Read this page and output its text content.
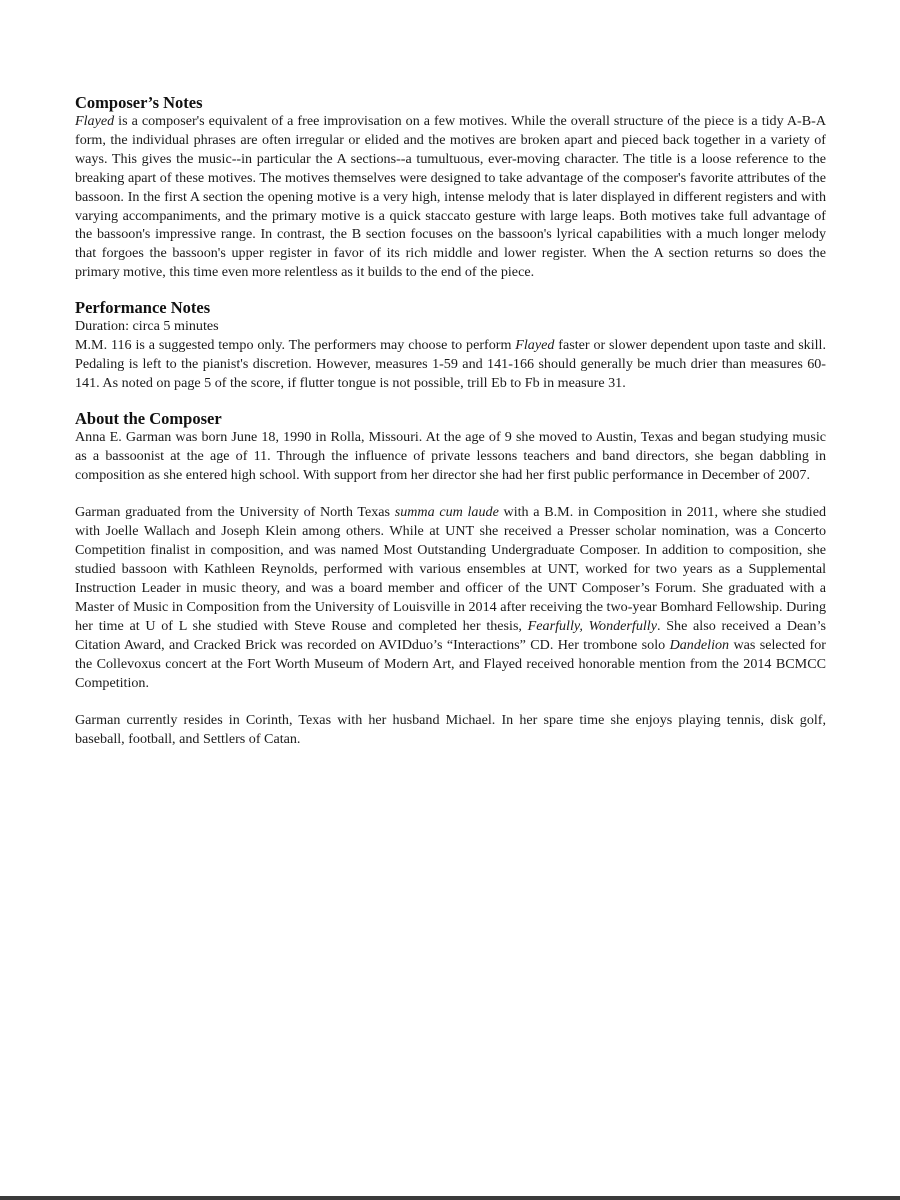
Composer’s Notes

Flayed is a composer's equivalent of a free improvisation on a few motives. While the overall structure of the piece is a tidy A-B-A form, the individual phrases are often irregular or elided and the motives are broken apart and pieced back together in a variety of ways. This gives the music--in particular the A sections--a tumultuous, ever-moving character. The title is a loose reference to the breaking apart of these motives. The motives themselves were designed to take advantage of the composer's favorite attributes of the bassoon. In the first A section the opening motive is a very high, intense melody that is later displayed in different registers and with varying accompaniments, and the primary motive is a quick staccato gesture with large leaps. Both motives take full advantage of the bassoon's impressive range. In contrast, the B section focuses on the bassoon's lyrical capabilities with a much longer melody that forgoes the bassoon's upper register in favor of its rich middle and lower register. When the A section returns so does the primary motive, this time even more relentless as it builds to the end of the piece.

Performance Notes

Duration: circa 5 minutes

M.M. 116 is a suggested tempo only. The performers may choose to perform Flayed faster or slower dependent upon taste and skill. Pedaling is left to the pianist's discretion. However, measures 1-59 and 141-166 should generally be much drier than measures 60-141. As noted on page 5 of the score, if flutter tongue is not possible, trill Eb to Fb in measure 31.

About the Composer

Anna E. Garman was born June 18, 1990 in Rolla, Missouri. At the age of 9 she moved to Austin, Texas and began studying music as a bassoonist at the age of 11. Through the influence of private lessons teachers and band directors, she began dabbling in composition as she entered high school. With support from her director she had her first public performance in December of 2007.

Garman graduated from the University of North Texas summa cum laude with a B.M. in Composition in 2011, where she studied with Joelle Wallach and Joseph Klein among others. While at UNT she received a Presser scholar nomination, was a Concerto Competition finalist in composition, and was named Most Outstanding Undergraduate Composer. In addition to composition, she studied bassoon with Kathleen Reynolds, performed with various ensembles at UNT, worked for two years as a Supplemental Instruction Leader in music theory, and was a board member and officer of the UNT Composer’s Forum. She graduated with a Master of Music in Composition from the University of Louisville in 2014 after receiving the two-year Bomhard Fellowship. During her time at U of L she studied with Steve Rouse and completed her thesis, Fearfully, Wonderfully. She also received a Dean’s Citation Award, and Cracked Brick was recorded on AVIDduo’s “Interactions” CD. Her trombone solo Dandelion was selected for the Collevoxus concert at the Fort Worth Museum of Modern Art, and Flayed received honorable mention from the 2014 BCMCC Competition.

Garman currently resides in Corinth, Texas with her husband Michael. In her spare time she enjoys playing tennis, disk golf, baseball, football, and Settlers of Catan.
